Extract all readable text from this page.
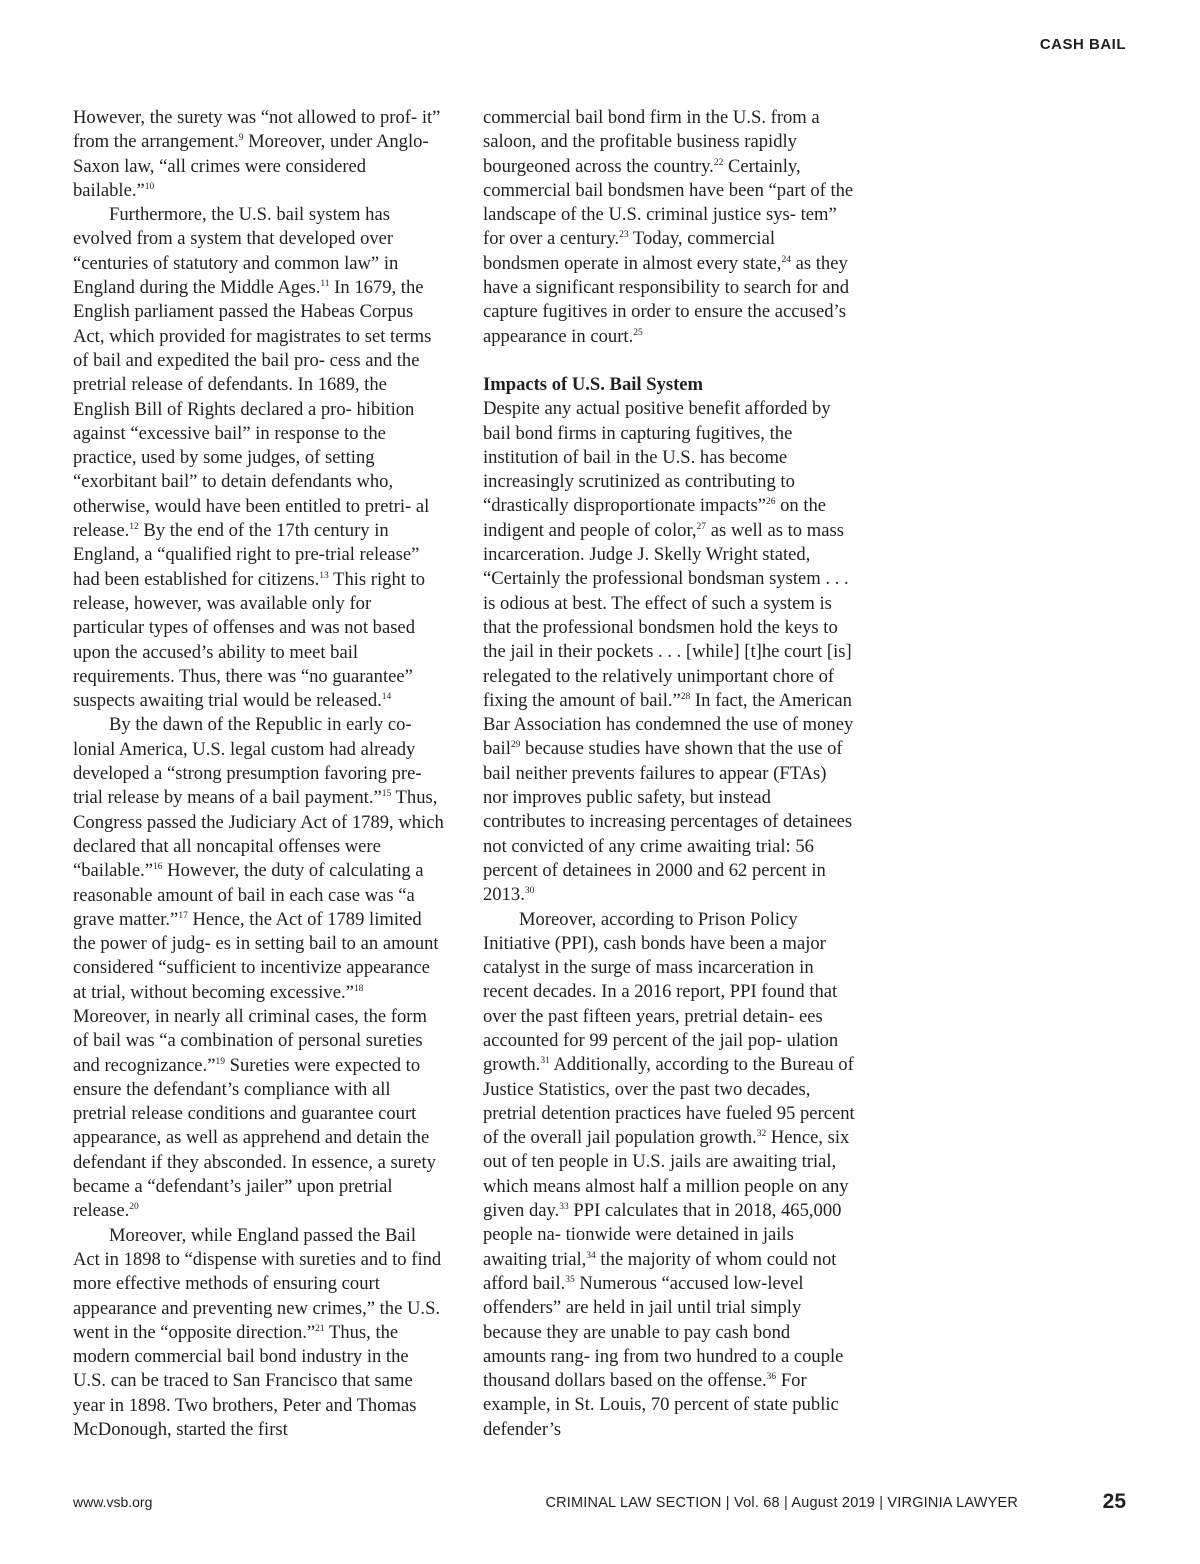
CASH BAIL

However, the surety was “not allowed to prof- it” from the arrangement.$^9$ Moreover, under Anglo-Saxon law, “all crimes were considered bailable.”$^{10}$

Furthermore, the U.S. bail system has evolved from a system that developed over “centuries of statutory and common law” in England during the Middle Ages.$^{11}$ In 1679, the English parliament passed the Habeas Corpus Act, which provided for magistrates to set terms of bail and expedited the bail pro- cess and the pretrial release of defendants. In 1689, the English Bill of Rights declared a pro- hibition against “excessive bail” in response to the practice, used by some judges, of setting “exorbitant bail” to detain defendants who, otherwise, would have been entitled to pretri- al release.$^{12}$ By the end of the 17th century in England, a “qualified right to pre-trial release” had been established for citizens.$^{13}$ This right to release, however, was available only for particular types of offenses and was not based upon the accused’s ability to meet bail requirements. Thus, there was “no guarantee” suspects awaiting trial would be released.$^{14}$

By the dawn of the Republic in early co- lonial America, U.S. legal custom had already developed a “strong presumption favoring pre-trial release by means of a bail payment.”$^{15}$ Thus, Congress passed the Judiciary Act of 1789, which declared that all noncapital offenses were “bailable.”$^{16}$ However, the duty of calculating a reasonable amount of bail in each case was “a grave matter.”$^{17}$ Hence, the Act of 1789 limited the power of judg- es in setting bail to an amount considered “sufficient to incentivize appearance at trial, without becoming excessive.”$^{18}$ Moreover, in nearly all criminal cases, the form of bail was “a combination of personal sureties and recognizance.”$^{19}$ Sureties were expected to ensure the defendant’s compliance with all pretrial release conditions and guarantee court appearance, as well as apprehend and detain the defendant if they absconded. In essence, a surety became a “defendant’s jailer” upon pretrial release.$^{20}$

Moreover, while England passed the Bail Act in 1898 to “dispense with sureties and to find more effective methods of ensuring court appearance and preventing new crimes,” the U.S. went in the “opposite direction.”$^{21}$ Thus, the modern commercial bail bond industry in the U.S. can be traced to San Francisco that same year in 1898. Two brothers, Peter and Thomas McDonough, started the first

commercial bail bond firm in the U.S. from a saloon, and the profitable business rapidly bourgeoned across the country.$^{22}$ Certainly, commercial bail bondsmen have been “part of the landscape of the U.S. criminal justice sys- tem” for over a century.$^{23}$ Today, commercial bondsmen operate in almost every state,$^{24}$ as they have a significant responsibility to search for and capture fugitives in order to ensure the accused’s appearance in court.$^{25}$

Impacts of U.S. Bail System

Despite any actual positive benefit afforded by bail bond firms in capturing fugitives, the institution of bail in the U.S. has become increasingly scrutinized as contributing to “drastically disproportionate impacts”$^{26}$ on the indigent and people of color,$^{27}$ as well as to mass incarceration. Judge J. Skelly Wright stated, “Certainly the professional bondsman system . . . is odious at best. The effect of such a system is that the professional bondsmen hold the keys to the jail in their pockets . . . [while] [t]he court [is] relegated to the relatively unimportant chore of fixing the amount of bail.”$^{28}$ In fact, the American Bar Association has condemned the use of money bail$^{29}$ because studies have shown that the use of bail neither prevents failures to appear (FTAs) nor improves public safety, but instead contributes to increasing percentages of detainees not convicted of any crime awaiting trial: 56 percent of detainees in 2000 and 62 percent in 2013.30

Moreover, according to Prison Policy Initiative (PPI), cash bonds have been a major catalyst in the surge of mass incarceration in recent decades. In a 2016 report, PPI found that over the past fifteen years, pretrial detain- ees accounted for 99 percent of the jail pop- ulation growth.$^{31}$ Additionally, according to the Bureau of Justice Statistics, over the past two decades, pretrial detention practices have fueled 95 percent of the overall jail population growth.$^{32}$ Hence, six out of ten people in U.S. jails are awaiting trial, which means almost half a million people on any given day.$^{33}$ PPI calculates that in 2018, 465,000 people na- tionwide were detained in jails awaiting trial,$^{34}$ the majority of whom could not afford bail.$^{35}$ Numerous “accused low-level offenders” are held in jail until trial simply because they are unable to pay cash bond amounts rang- ing from two hundred to a couple thousand dollars based on the offense.$^{36}$ For example, in St. Louis, 70 percent of state public defender’s

www.vsb.org	CRIMINAL LAW SECTION | Vol. 68 | August 2019 | VIRGINIA LAWYER	25
